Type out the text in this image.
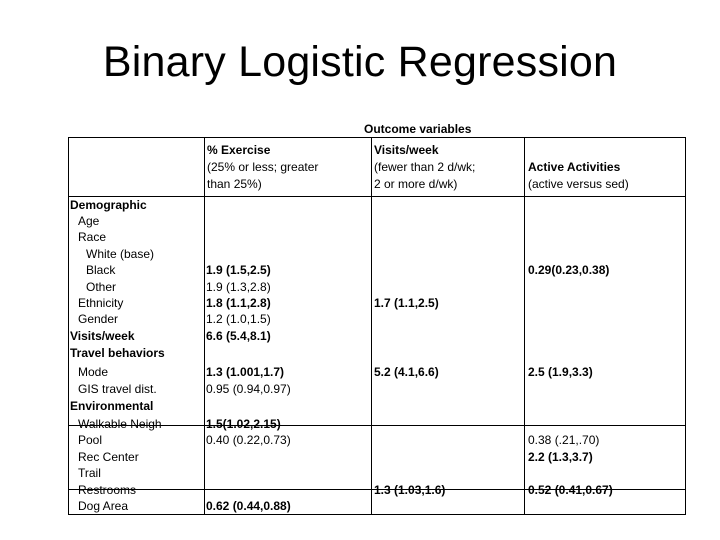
Binary Logistic Regression
Outcome variables
% Exercise
(25% or less; greater
than 25%)
Visits/week
(fewer than 2 d/wk;
2 or more d/wk)
Active Activities
(active versus sed)
Demographic
Age
Race
White (base)
Black
Other
Ethnicity
Gender
Visits/week
Travel behaviors
Mode
GIS travel dist.
Environmental
Walkable Neigh
Pool
Rec Center
Trail
Restrooms
Dog Area
1.9 (1.5,2.5)
1.9 (1.3,2.8)
1.8 (1.1,2.8)
1.2 (1.0,1.5)
6.6 (5.4,8.1)
1.3 (1.001,1.7)
0.95 (0.94,0.97)
1.5(1.02,2.15)
0.40 (0.22,0.73)
0.62 (0.44,0.88)
1.7 (1.1,2.5)
5.2 (4.1,6.6)
1.3 (1.03,1.6)
0.29(0.23,0.38)
2.5 (1.9,3.3)
0.38 (.21,.70)
2.2 (1.3,3.7)
0.52 (0.41,0.67)
